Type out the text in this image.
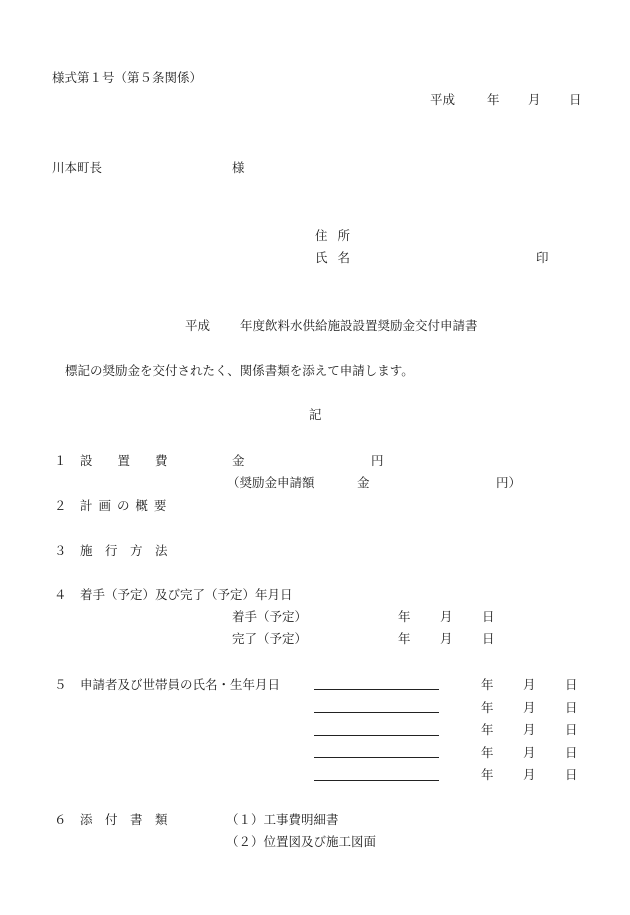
様式第１号（第５条関係）
平成	年 月 日
川本町長	様
住 所
氏 名	印
平成 年度飲料水供給施設設置奨励金交付申請書
標記の奨励金を交付されたく、関係書類を添えて申請します。
記
１ 設　　置　　費	金	円
（奨励金申請額	金	円）
２ 計 画 の 概 要
３ 施　行　方　法
４ 着手（予定）及び完了（予定）年月日
着手（予定）	年 月 日
完了（予定）	年 月 日
５ 申請者及び世帯員の氏名・生年月日	年 月 日
年 月 日
年 月 日
年 月 日
年 月 日
６ 添　付　書　類	（１）工事費明細書
（２）位置図及び施工図面
